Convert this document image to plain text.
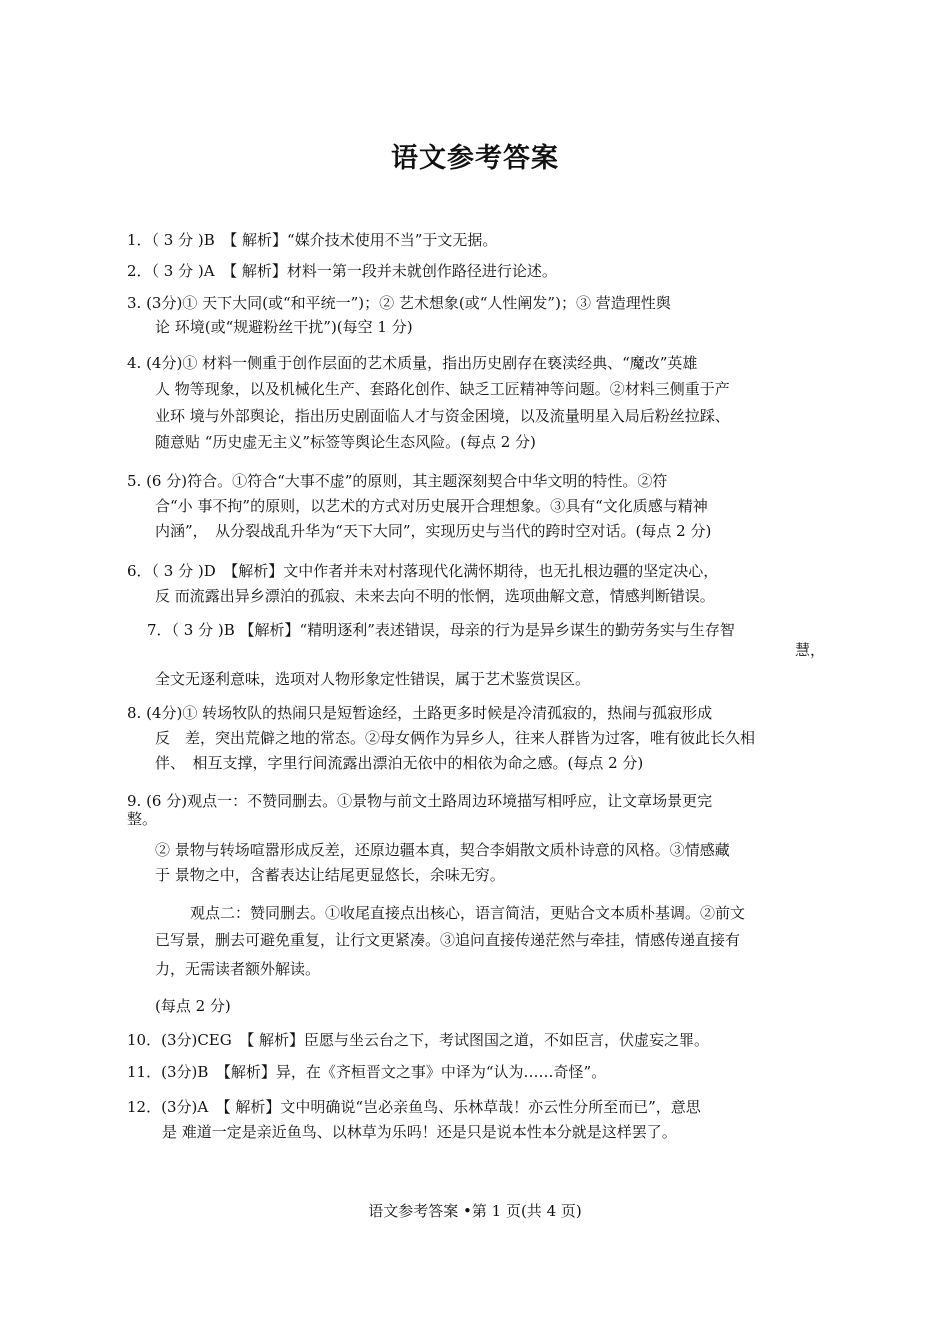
语文参考答案
1．（ 3 分 )B　【 解析】“媒介技术使用不当”于文无据。
2．（ 3 分 )A　【 解析】材料一第一段并未就创作路径进行论述。
3. (3分)① 天下大同(或“和平统一”)；② 艺术想象(或“人性阐发”)；③ 营造理性舆
论 环境(或“规避粉丝干扰”)(每空 1 分)
4. (4分)① 材料一侧重于创作层面的艺术质量，指出历史剧存在亵渎经典、“魔改”英雄
人 物等现象，以及机械化生产、套路化创作、缺乏工匠精神等问题。②材料三侧重于产
业环 境与外部舆论，指出历史剧面临人才与资金困境，以及流量明星入局后粉丝拉踩、
随意贴 “历史虚无主义”标签等舆论生态风险。(每点 2 分)
5. (6 分)符合。①符合“大事不虚”的原则，其主题深刻契合中华文明的特性。②符
合“小 事不拘”的原则，以艺术的方式对历史展开合理想象。③具有“文化质感与精神
内涵”，　从分裂战乱升华为“天下大同”，实现历史与当代的跨时空对话。(每点 2 分)
6．（ 3 分 )D　【解析】文中作者并未对村落现代化满怀期待，也无扎根边疆的坚定决心，
反 而流露出异乡漂泊的孤寂、未来去向不明的怅惘，选项曲解文意，情感判断错误。
7．（ 3 分 )B 【解析】“精明逐利”表述错误，母亲的行为是异乡谋生的勤劳务实与生存智
慧，
全文无逐利意味，选项对人物形象定性错误，属于艺术鉴赏误区。
8. (4分)① 转场牧队的热闹只是短暂途经，土路更多时候是冷清孤寂的，热闹与孤寂形成
反　差，突出荒僻之地的常态。②母女俩作为异乡人，往来人群皆为过客，唯有彼此长久相
伴、　相互支撑，字里行间流露出漂泊无依中的相依为命之感。(每点 2 分)
9. (6 分)观点一：不赞同删去。①景物与前文土路周边环境描写相呼应，让文章场景更完
整。
② 景物与转场喧嚣形成反差，还原边疆本真，契合李娟散文质朴诗意的风格。③情感藏
于 景物之中，含蓄表达让结尾更显悠长，余味无穷。
观点二：赞同删去。①收尾直接点出核心，语言简洁，更贴合文本质朴基调。②前文
已写景，删去可避免重复，让行文更紧凑。③追问直接传递茫然与牵挂，情感传递直接有
力，无需读者额外解读。
(每点 2 分)
10．(3分)CEG　【 解析】臣愿与坐云台之下，考试图国之道，不如臣言，伏虚妄之罪。
11．(3分)B　【解析】异，在《齐桓晋文之事》中译为“认为……奇怪”。
12．(3分)A　【 解析】文中明确说“岂必亲鱼鸟、乐林草哉！亦云性分所至而已”，意思
是 难道一定是亲近鱼鸟、以林草为乐吗！还是只是说本性本分就是这样罢了。
语文参考答案 •第 1 页(共 4 页)
